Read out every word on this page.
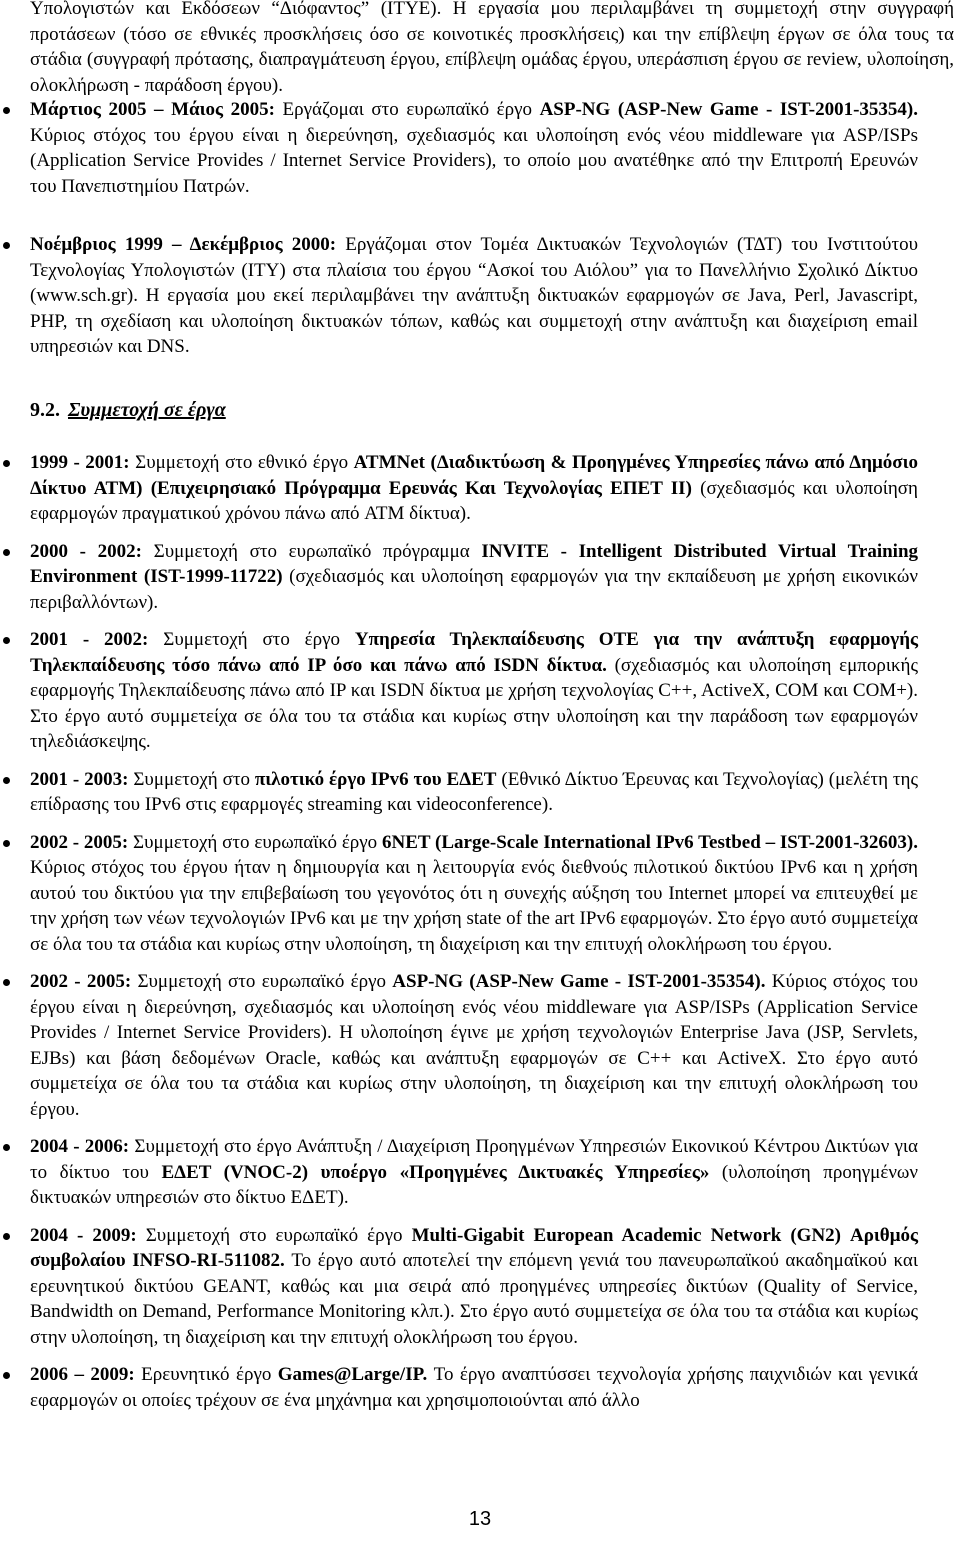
Υπολογιστών και Εκδόσεων “Διόφαντος” (ΙΤΥΕ). Η εργασία μου περιλαμβάνει τη συμμετοχή στην συγγραφή προτάσεων (τόσο σε εθνικές προσκλήσεις όσο σε κοινοτικές προσκλήσεις) και την επίβλεψη έργων σε όλα τους τα στάδια (συγγραφή πρότασης, διαπραγμάτευση έργου, επίβλεψη ομάδας έργου, υπεράσπιση έργου σε review, υλοποίηση, ολοκλήρωση - παράδοση έργου).

Μάρτιος 2005 – Μάιος 2005: Εργάζομαι στο ευρωπαϊκό έργο ASP-NG (ASP-New Game - IST-2001-35354). Κύριος στόχος του έργου είναι η διερεύνηση, σχεδιασμός και υλοποίηση ενός νέου middleware για ASP/ISPs (Application Service Provides / Internet Service Providers), το οποίο μου ανατέθηκε από την Επιτροπή Ερευνών του Πανεπιστημίου Πατρών.

Νοέμβριος 1999 – Δεκέμβριος 2000: Εργάζομαι στον Τομέα Δικτυακών Τεχνολογιών (ΤΔΤ) του Ινστιτούτου Τεχνολογίας Υπολογιστών (ΙΤΥ) στα πλαίσια του έργου “Ασκοί του Αιόλου” για το Πανελλήνιο Σχολικό Δίκτυο (www.sch.gr). Η εργασία μου εκεί περιλαμβάνει την ανάπτυξη δικτυακών εφαρμογών σε Java, Perl, Javascript, PHP, τη σχεδίαση και υλοποίηση δικτυακών τόπων, καθώς και συμμετοχή στην ανάπτυξη και διαχείριση email υπηρεσιών και DNS.

9.2. Συμμετοχή σε έργα

1999 - 2001: Συμμετοχή στο εθνικό έργο ATMNet (Διαδικτύωση & Προηγμένες Υπηρεσίες πάνω από Δημόσιο Δίκτυο ΑΤΜ) (Επιχειρησιακό Πρόγραμμα Ερευνάς Και Τεχνολογίας ΕΠΕΤ ΙΙ) (σχεδιασμός και υλοποίηση εφαρμογών πραγματικού χρόνου πάνω από ATM δίκτυα).

2000 - 2002: Συμμετοχή στο ευρωπαϊκό πρόγραμμα INVITE - Intelligent Distributed Virtual Training Environment (IST-1999-11722) (σχεδιασμός και υλοποίηση εφαρμογών για την εκπαίδευση με χρήση εικονικών περιβαλλόντων).

2001 - 2002: Συμμετοχή στο έργο Υπηρεσία Τηλεκπαίδευσης ΟΤΕ για την ανάπτυξη εφαρμογής Τηλεκπαίδευσης τόσο πάνω από IP όσο και πάνω από ISDN δίκτυα. (σχεδιασμός και υλοποίηση εμπορικής εφαρμογής Τηλεκπαίδευσης πάνω από IP και ISDN δίκτυα με χρήση τεχνολογίας C++, ActiveX, COM και COM+). Στο έργο αυτό συμμετείχα σε όλα του τα στάδια και κυρίως στην υλοποίηση και την παράδοση των εφαρμογών τηλεδιάσκεψης.

2001 - 2003: Συμμετοχή στο πιλοτικό έργο IPv6 του ΕΔΕΤ (Εθνικό Δίκτυο Έρευνας και Τεχνολογίας) (μελέτη της επίδρασης του IPv6 στις εφαρμογές streaming και videoconference).

2002 - 2005: Συμμετοχή στο ευρωπαϊκό έργο 6NET (Large-Scale International IPv6 Testbed – IST-2001-32603). Κύριος στόχος του έργου ήταν η δημιουργία και η λειτουργία ενός διεθνούς πιλοτικού δικτύου IPv6 και η χρήση αυτού του δικτύου για την επιβεβαίωση του γεγονότος ότι η συνεχής αύξηση του Internet μπορεί να επιτευχθεί με την χρήση των νέων τεχνολογιών IPv6 και με την χρήση state of the art IPv6 εφαρμογών. Στο έργο αυτό συμμετείχα σε όλα του τα στάδια και κυρίως στην υλοποίηση, τη διαχείριση και την επιτυχή ολοκλήρωση του έργου.

2002 - 2005: Συμμετοχή στο ευρωπαϊκό έργο ASP-NG (ASP-New Game - IST-2001-35354). Κύριος στόχος του έργου είναι η διερεύνηση, σχεδιασμός και υλοποίηση ενός νέου middleware για ASP/ISPs (Application Service Provides / Internet Service Providers). Η υλοποίηση έγινε με χρήση τεχνολογιών Enterprise Java (JSP, Servlets, EJBs) και βάση δεδομένων Oracle, καθώς και ανάπτυξη εφαρμογών σε C++ και ActiveX. Στο έργο αυτό συμμετείχα σε όλα του τα στάδια και κυρίως στην υλοποίηση, τη διαχείριση και την επιτυχή ολοκλήρωση του έργου.

2004 - 2006: Συμμετοχή στο έργο Ανάπτυξη / Διαχείριση Προηγμένων Υπηρεσιών Εικονικού Κέντρου Δικτύων για το δίκτυο του ΕΔΕΤ (VNOC-2) υποέργο «Προηγμένες Δικτυακές Υπηρεσίες» (υλοποίηση προηγμένων δικτυακών υπηρεσιών στο δίκτυο ΕΔΕΤ).

2004 - 2009: Συμμετοχή στο ευρωπαϊκό έργο Multi-Gigabit European Academic Network (GN2) Αριθμός συμβολαίου INFSO-RI-511082. Το έργο αυτό αποτελεί την επόμενη γενιά του πανευρωπαϊκού ακαδημαϊκού και ερευνητικού δικτύου GEANT, καθώς και μια σειρά από προηγμένες υπηρεσίες δικτύων (Quality of Service, Bandwidth on Demand, Performance Monitoring κλπ.). Στο έργο αυτό συμμετείχα σε όλα του τα στάδια και κυρίως στην υλοποίηση, τη διαχείριση και την επιτυχή ολοκλήρωση του έργου.

2006 – 2009: Ερευνητικό έργο Games@Large/IP. Το έργο αναπτύσσει τεχνολογία χρήσης παιχνιδιών και γενικά εφαρμογών οι οποίες τρέχουν σε ένα μηχάνημα και χρησιμοποιούνται από άλλο

13
